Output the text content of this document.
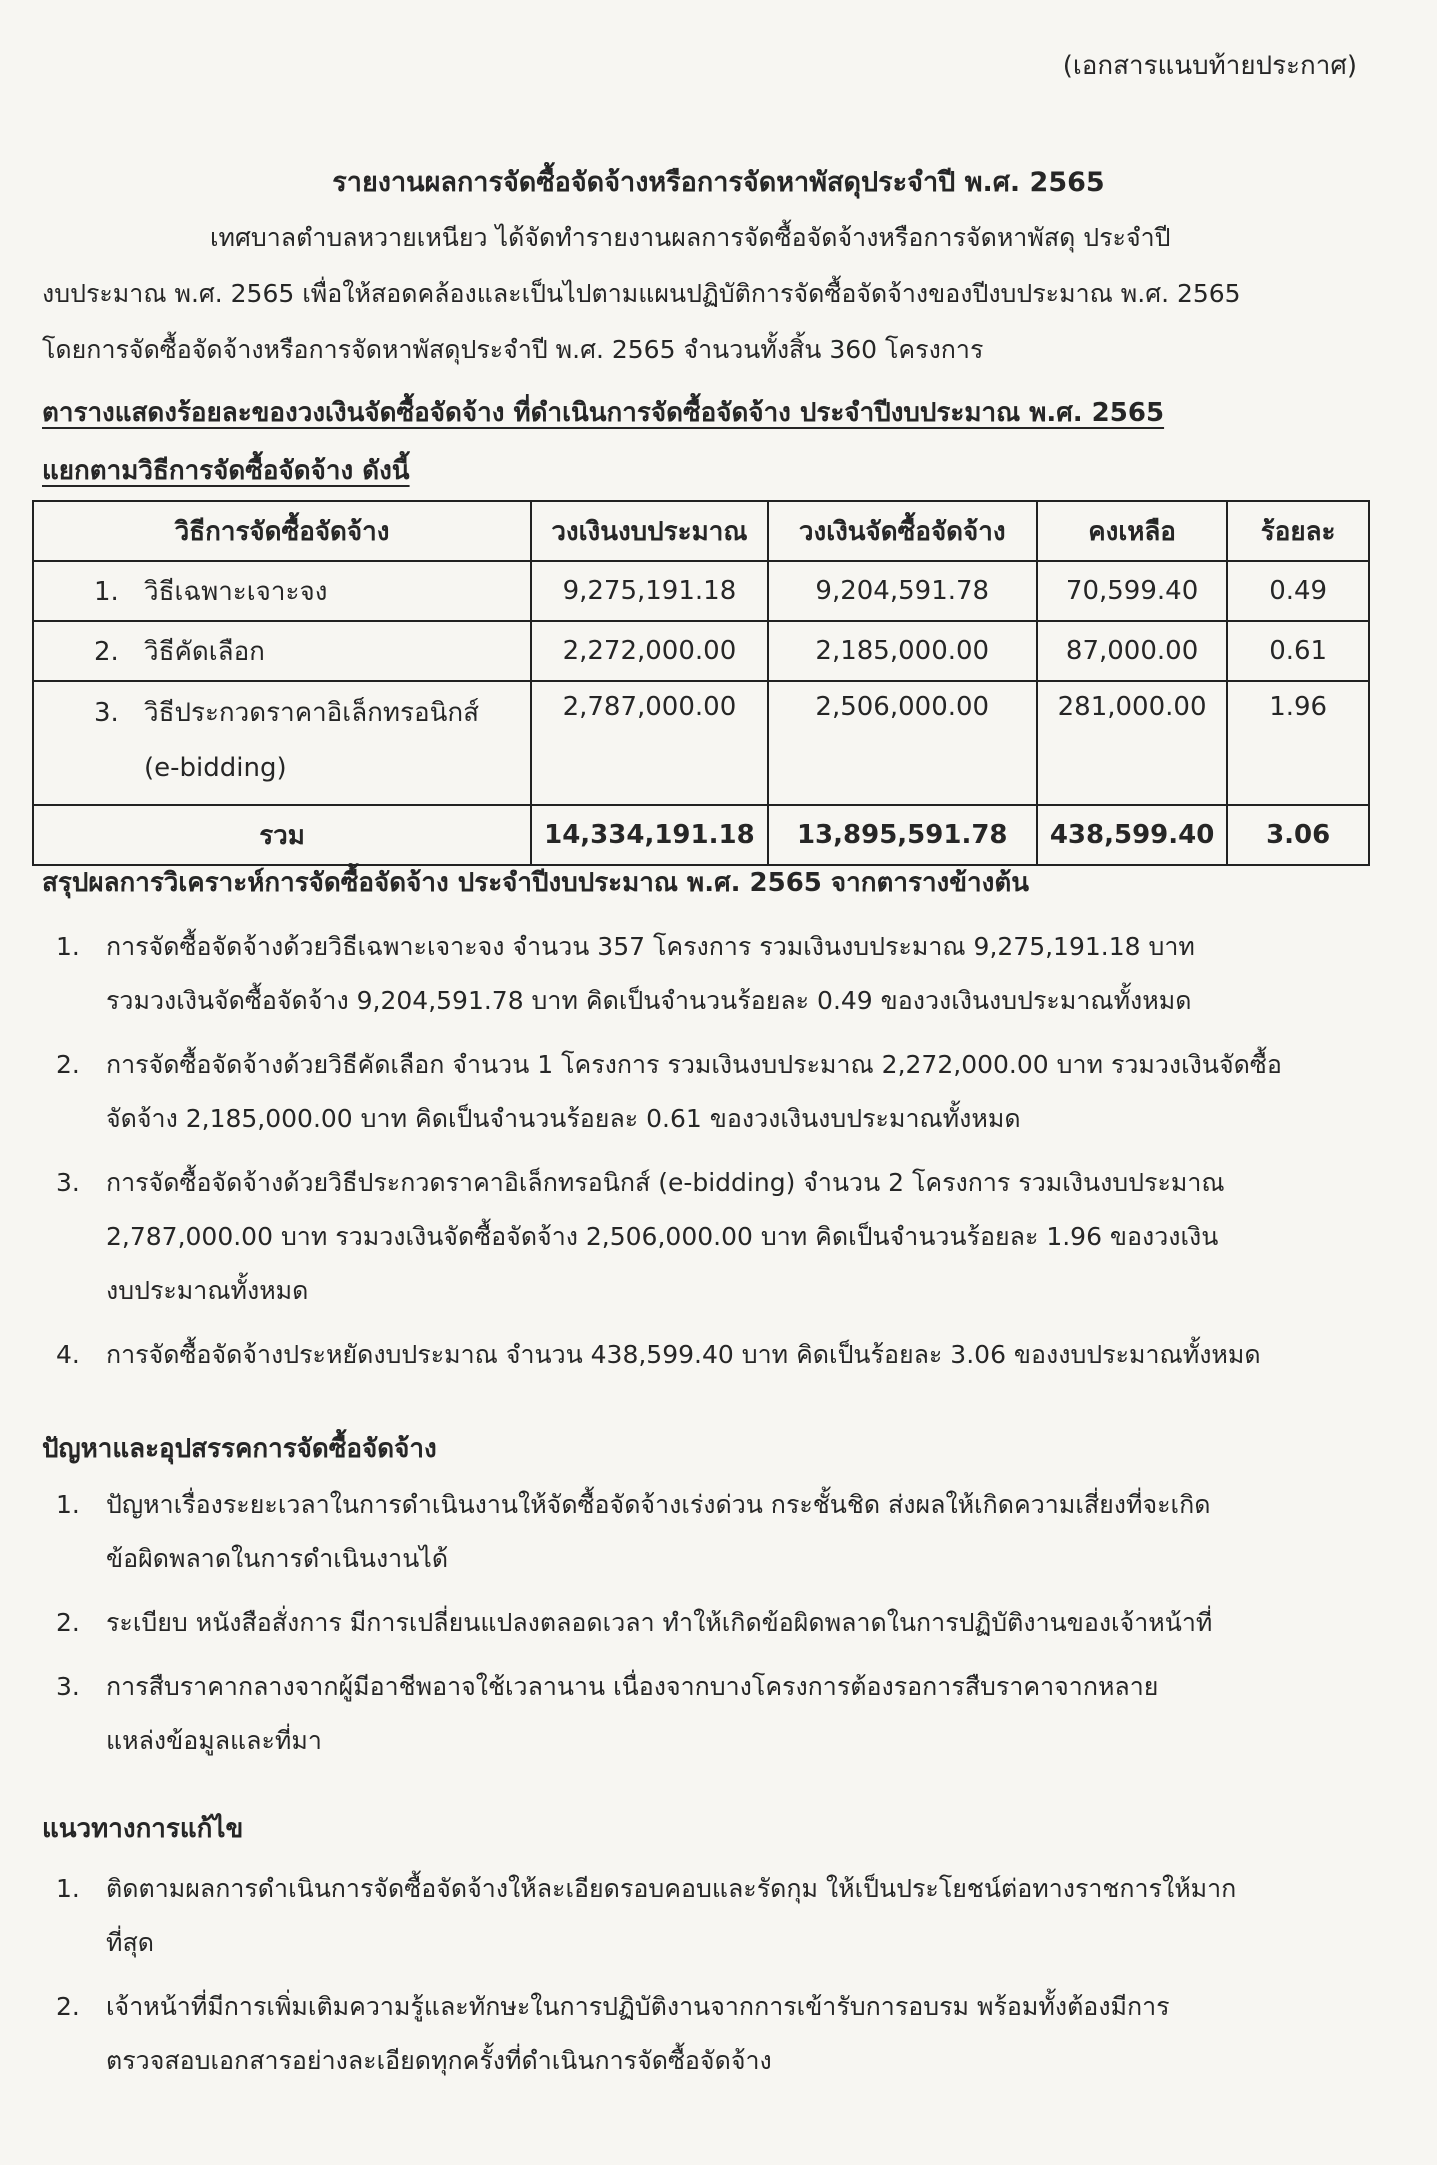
(เอกสารแนบท้ายประกาศ)
รายงานผลการจัดซื้อจัดจ้างหรือการจัดหาพัสดุประจำปี พ.ศ. 2565
เทศบาลตำบลหวายเหนียว ได้จัดทำรายงานผลการจัดซื้อจัดจ้างหรือการจัดหาพัสดุ ประจำปี
งบประมาณ พ.ศ. 2565 เพื่อให้สอดคล้องและเป็นไปตามแผนปฏิบัติการจัดซื้อจัดจ้างของปีงบประมาณ พ.ศ. 2565
โดยการจัดซื้อจัดจ้างหรือการจัดหาพัสดุประจำปี พ.ศ. 2565 จำนวนทั้งสิ้น 360 โครงการ
ตารางแสดงร้อยละของวงเงินจัดซื้อจัดจ้าง ที่ดำเนินการจัดซื้อจัดจ้าง ประจำปีงบประมาณ พ.ศ. 2565
แยกตามวิธีการจัดซื้อจัดจ้าง ดังนี้
วิธีการจัดซื้อจัดจ้าง	วงเงินงบประมาณ	วงเงินจัดซื้อจัดจ้าง	คงเหลือ	ร้อยละ
1. วิธีเฉพาะเจาะจง	9,275,191.18	9,204,591.78	70,599.40	0.49
2. วิธีคัดเลือก	2,272,000.00	2,185,000.00	87,000.00	0.61
3. วิธีประกวดราคาอิเล็กทรอนิกส์
(e-bidding)	2,787,000.00	2,506,000.00	281,000.00	1.96
รวม	14,334,191.18	13,895,591.78	438,599.40	3.06
สรุปผลการวิเคราะห์การจัดซื้อจัดจ้าง ประจำปีงบประมาณ พ.ศ. 2565 จากตารางข้างต้น
1. การจัดซื้อจัดจ้างด้วยวิธีเฉพาะเจาะจง จำนวน 357 โครงการ รวมเงินงบประมาณ 9,275,191.18 บาท
รวมวงเงินจัดซื้อจัดจ้าง 9,204,591.78 บาท คิดเป็นจำนวนร้อยละ 0.49 ของวงเงินงบประมาณทั้งหมด
2. การจัดซื้อจัดจ้างด้วยวิธีคัดเลือก จำนวน 1 โครงการ รวมเงินงบประมาณ 2,272,000.00 บาท รวมวงเงินจัดซื้อ
จัดจ้าง 2,185,000.00 บาท คิดเป็นจำนวนร้อยละ 0.61 ของวงเงินงบประมาณทั้งหมด
3. การจัดซื้อจัดจ้างด้วยวิธีประกวดราคาอิเล็กทรอนิกส์ (e-bidding) จำนวน 2 โครงการ รวมเงินงบประมาณ
2,787,000.00 บาท รวมวงเงินจัดซื้อจัดจ้าง 2,506,000.00 บาท คิดเป็นจำนวนร้อยละ 1.96 ของวงเงิน
งบประมาณทั้งหมด
4. การจัดซื้อจัดจ้างประหยัดงบประมาณ จำนวน 438,599.40 บาท คิดเป็นร้อยละ 3.06 ของงบประมาณทั้งหมด
ปัญหาและอุปสรรคการจัดซื้อจัดจ้าง
1. ปัญหาเรื่องระยะเวลาในการดำเนินงานให้จัดซื้อจัดจ้างเร่งด่วน กระชั้นชิด ส่งผลให้เกิดความเสี่ยงที่จะเกิด
ข้อผิดพลาดในการดำเนินงานได้
2. ระเบียบ หนังสือสั่งการ มีการเปลี่ยนแปลงตลอดเวลา ทำให้เกิดข้อผิดพลาดในการปฏิบัติงานของเจ้าหน้าที่
3. การสืบราคากลางจากผู้มีอาชีพอาจใช้เวลานาน เนื่องจากบางโครงการต้องรอการสืบราคาจากหลาย
แหล่งข้อมูลและที่มา
แนวทางการแก้ไข
1. ติดตามผลการดำเนินการจัดซื้อจัดจ้างให้ละเอียดรอบคอบและรัดกุม ให้เป็นประโยชน์ต่อทางราชการให้มาก
ที่สุด
2. เจ้าหน้าที่มีการเพิ่มเติมความรู้และทักษะในการปฏิบัติงานจากการเข้ารับการอบรม พร้อมทั้งต้องมีการ
ตรวจสอบเอกสารอย่างละเอียดทุกครั้งที่ดำเนินการจัดซื้อจัดจ้าง
